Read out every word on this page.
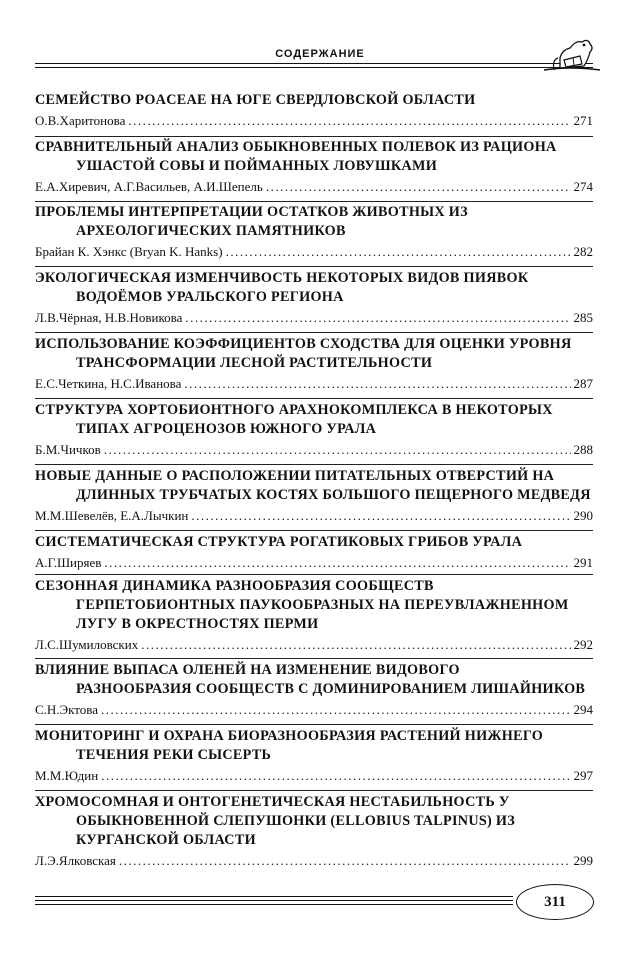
СОДЕРЖАНИЕ
СЕМЕЙСТВО POACEAE НА ЮГЕ СВЕРДЛОВСКОЙ ОБЛАСТИ
О.В.Харитонова .....	271
СРАВНИТЕЛЬНЫЙ АНАЛИЗ ОБЫКНОВЕННЫХ ПОЛЕВОК ИЗ РАЦИОНА
УШАСТОЙ СОВЫ И ПОЙМАННЫХ ЛОВУШКАМИ
Е.А.Хиревич, А.Г.Васильев, А.И.Шепель .....	274
ПРОБЛЕМЫ ИНТЕРПРЕТАЦИИ ОСТАТКОВ ЖИВОТНЫХ ИЗ
АРХЕОЛОГИЧЕСКИХ ПАМЯТНИКОВ
Брайан К. Хэнкс (Bryan K. Hanks) .....	282
ЭКОЛОГИЧЕСКАЯ ИЗМЕНЧИВОСТЬ НЕКОТОРЫХ ВИДОВ ПИЯВОК
ВОДОЁМОВ УРАЛЬСКОГО РЕГИОНА
Л.В.Чёрная, Н.В.Новикова .....	285
ИСПОЛЬЗОВАНИЕ КОЭФФИЦИЕНТОВ СХОДСТВА ДЛЯ ОЦЕНКИ УРОВНЯ
ТРАНСФОРМАЦИИ ЛЕСНОЙ РАСТИТЕЛЬНОСТИ
Е.С.Четкина, Н.С.Иванова .....	287
СТРУКТУРА ХОРТОБИОНТНОГО АРАХНОКОМПЛЕКСА В НЕКОТОРЫХ
ТИПАХ АГРОЦЕНОЗОВ ЮЖНОГО УРАЛА
Б.М.Чичков .....	288
НОВЫЕ ДАННЫЕ О РАСПОЛОЖЕНИИ ПИТАТЕЛЬНЫХ ОТВЕРСТИЙ НА
ДЛИННЫХ ТРУБЧАТЫХ КОСТЯХ БОЛЬШОГО ПЕЩЕРНОГО МЕДВЕДЯ
М.М.Шевелёв, Е.А.Лычкин .....	290
СИСТЕМАТИЧЕСКАЯ СТРУКТУРА РОГАТИКОВЫХ ГРИБОВ УРАЛА
А.Г.Ширяев .....	291
СЕЗОННАЯ ДИНАМИКА РАЗНООБРАЗИЯ СООБЩЕСТВ
ГЕРПЕТОБИОНТНЫХ ПАУКООБРАЗНЫХ НА ПЕРЕУВЛАЖНЕННОМ
ЛУГУ В ОКРЕСТНОСТЯХ ПЕРМИ
Л.С.Шумиловских .....	292
ВЛИЯНИЕ ВЫПАСА ОЛЕНЕЙ НА ИЗМЕНЕНИЕ ВИДОВОГО
РАЗНООБРАЗИЯ СООБЩЕСТВ С ДОМИНИРОВАНИЕМ ЛИШАЙНИКОВ
С.Н.Эктова .....	294
МОНИТОРИНГ И ОХРАНА БИОРАЗНООБРАЗИЯ РАСТЕНИЙ НИЖНЕГО
ТЕЧЕНИЯ РЕКИ СЫСЕРТЬ
М.М.Юдин .....	297
ХРОМОСОМНАЯ И ОНТОГЕНЕТИЧЕСКАЯ НЕСТАБИЛЬНОСТЬ У
ОБЫКНОВЕННОЙ СЛЕПУШОНКИ (ELLOBIUS TALPINUS) ИЗ
КУРГАНСКОЙ ОБЛАСТИ
Л.Э.Ялковская .....	299
311
